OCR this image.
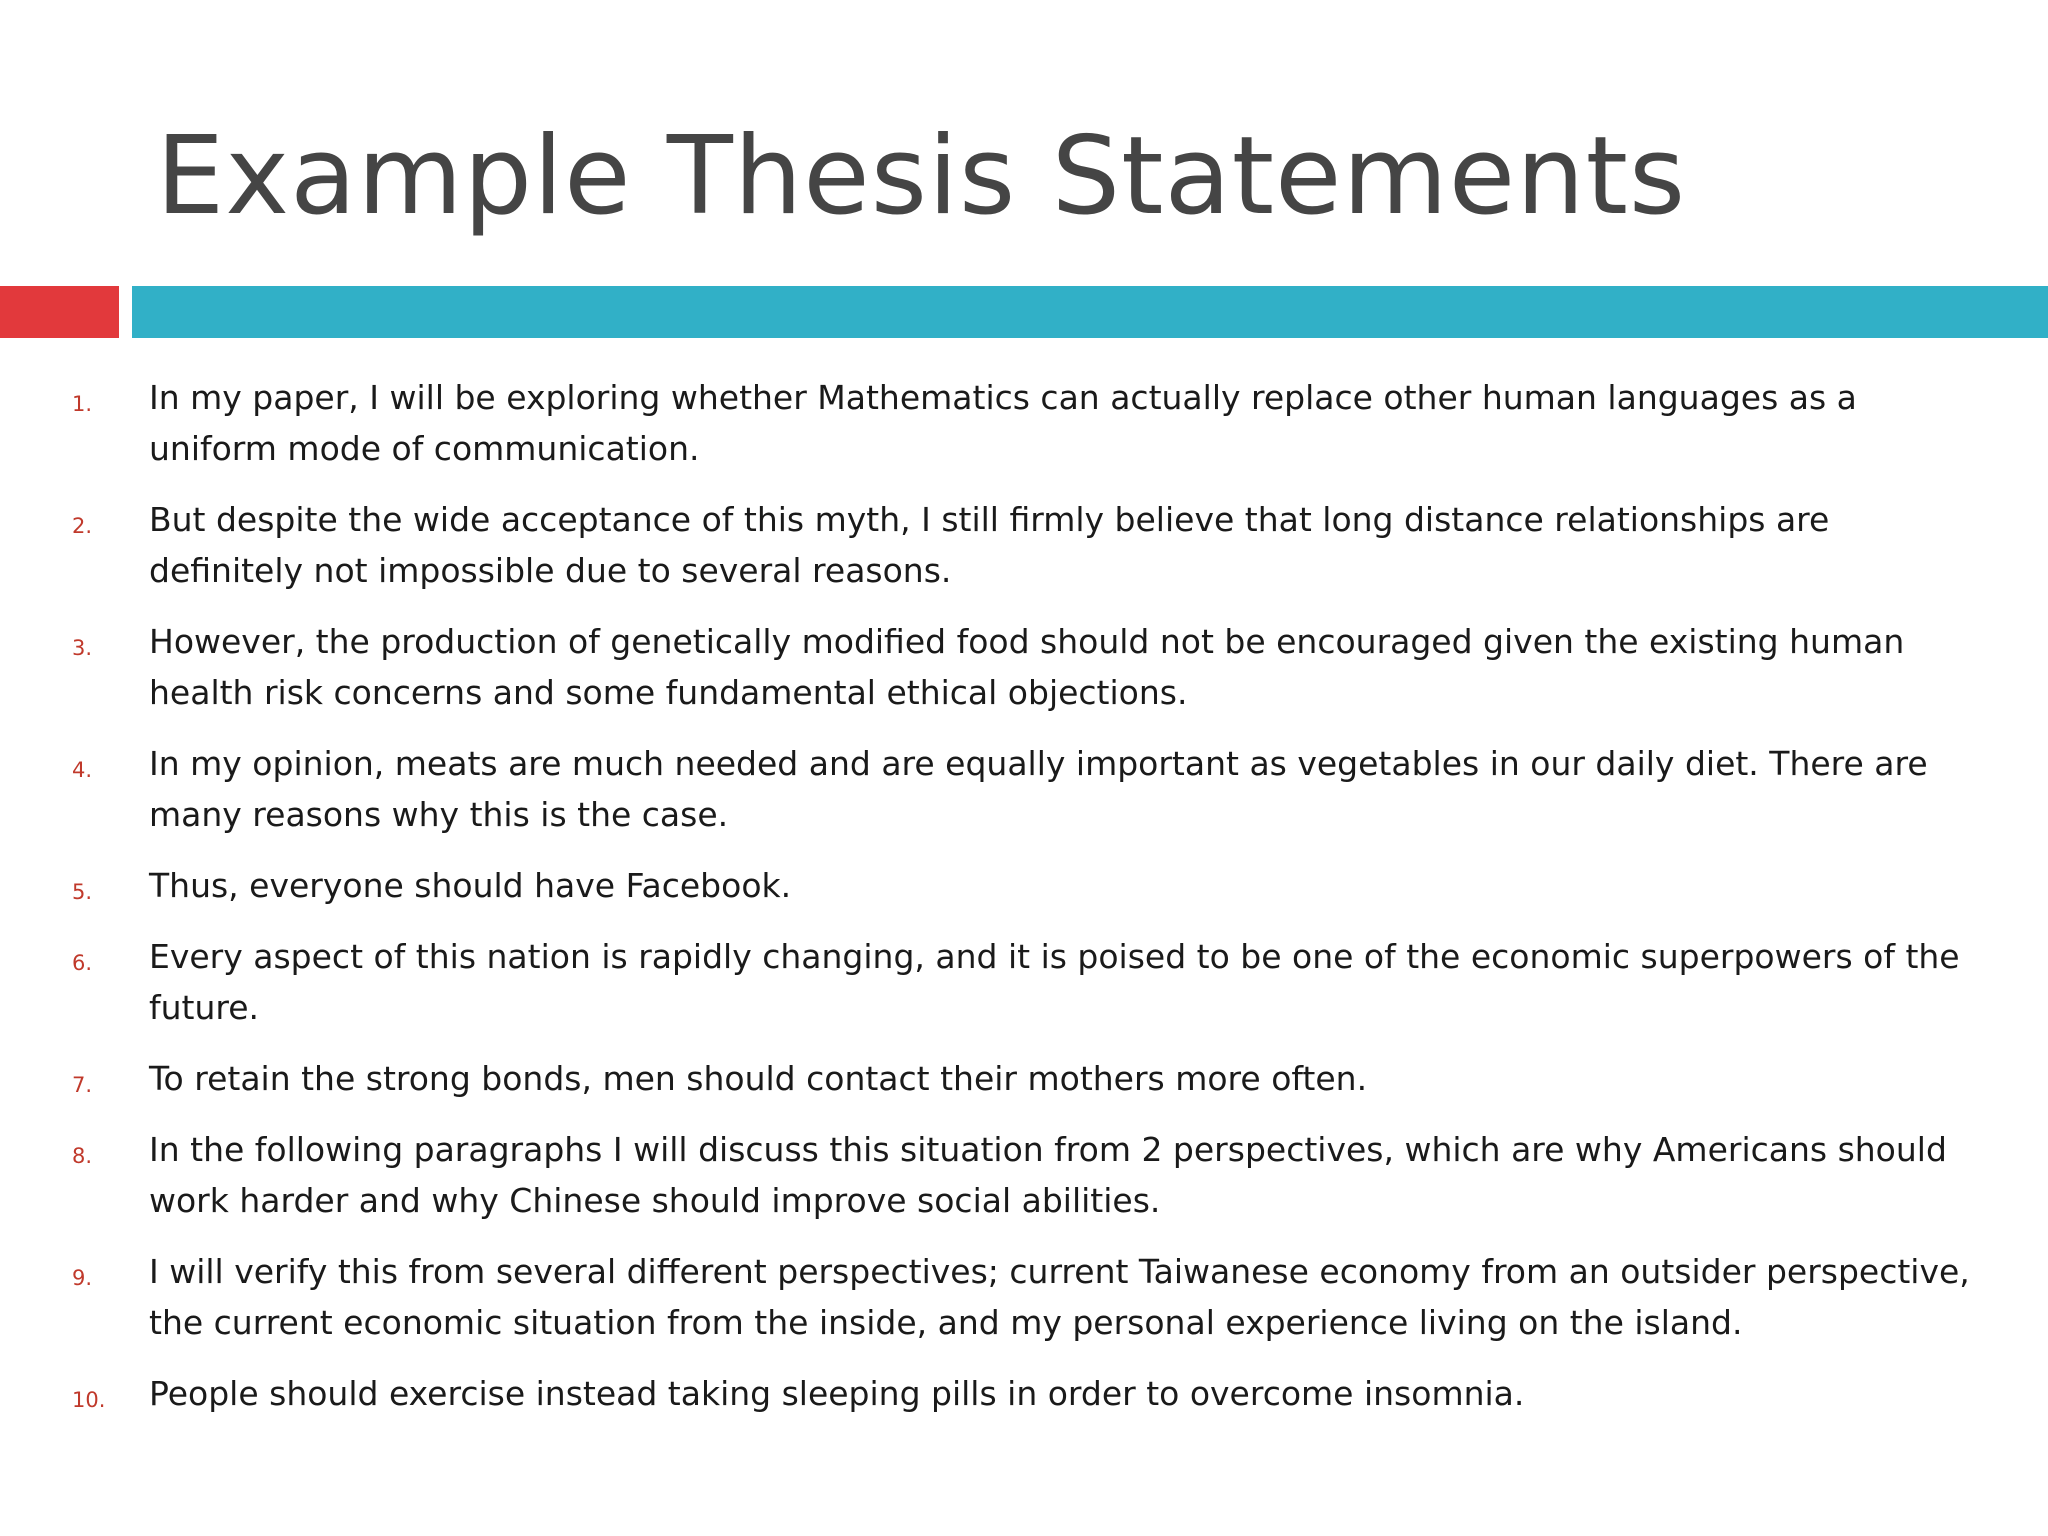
Example Thesis Statements
1. In my paper, I will be exploring whether Mathematics can actually replace other human languages as a uniform mode of communication.
2. But despite the wide acceptance of this myth, I still firmly believe that long distance relationships are definitely not impossible due to several reasons.
3. However, the production of genetically modified food should not be encouraged given the existing human health risk concerns and some fundamental ethical objections.
4. In my opinion, meats are much needed and are equally important as vegetables in our daily diet. There are many reasons why this is the case.
5. Thus, everyone should have Facebook.
6. Every aspect of this nation is rapidly changing, and it is poised to be one of the economic superpowers of the future.
7. To retain the strong bonds, men should contact their mothers more often.
8. In the following paragraphs I will discuss this situation from 2 perspectives, which are why Americans should work harder and why Chinese should improve social abilities.
9. I will verify this from several different perspectives; current Taiwanese economy from an outsider perspective, the current economic situation from the inside, and my personal experience living on the island.
10. People should exercise instead taking sleeping pills in order to overcome insomnia.
